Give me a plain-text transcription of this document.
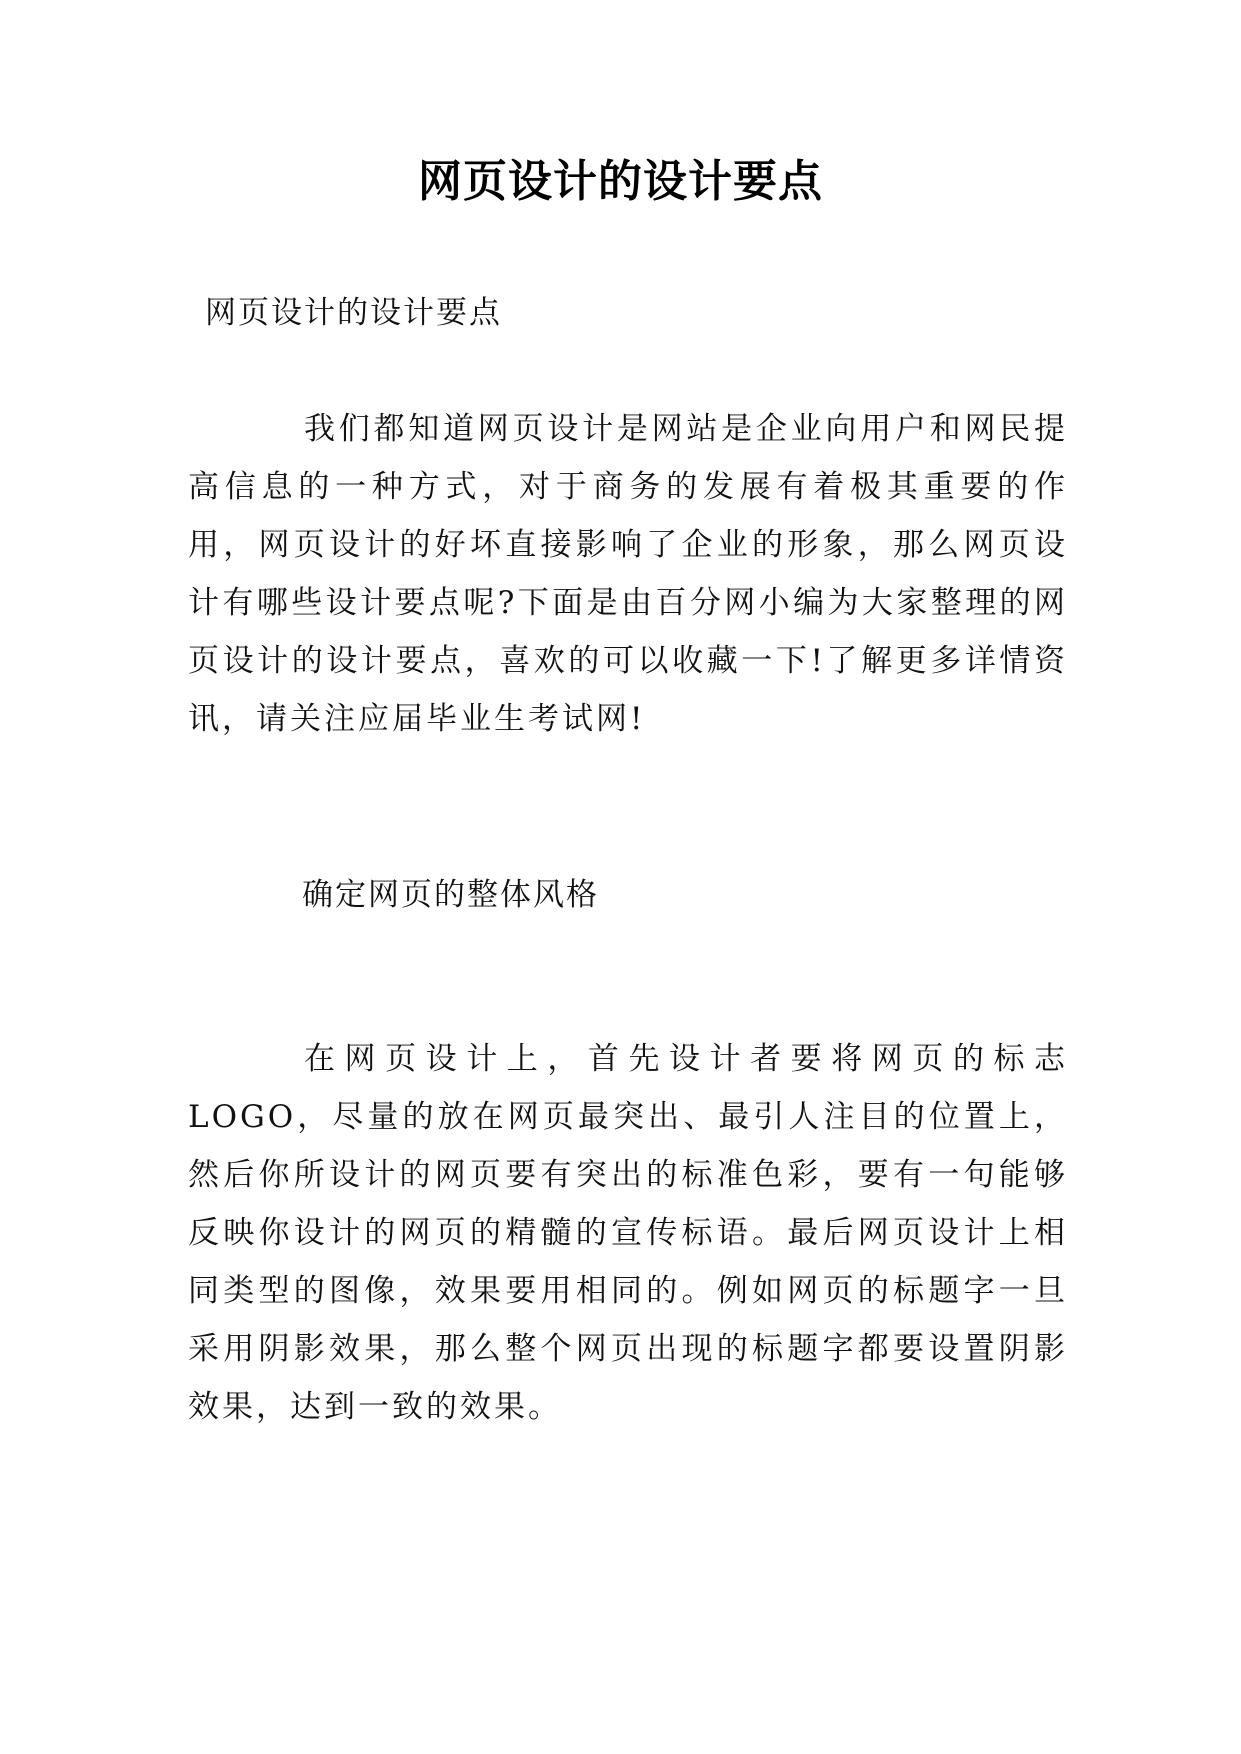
网页设计的设计要点
网页设计的设计要点

我们都知道网页设计是网站是企业向用户和网民提高信息的一种方式，对于商务的发展有着极其重要的作用，网页设计的好坏直接影响了企业的形象，那么网页设计有哪些设计要点呢?下面是由百分网小编为大家整理的网页设计的设计要点，喜欢的可以收藏一下!了解更多详情资讯，请关注应届毕业生考试网!

确定网页的整体风格

在网页设计上，首先设计者要将网页的标志LOGO，尽量的放在网页最突出、最引人注目的位置上，然后你所设计的网页要有突出的标准色彩，要有一句能够反映你设计的网页的精髓的宣传标语。最后网页设计上相同类型的图像，效果要用相同的。例如网页的标题字一旦采用阴影效果，那么整个网页出现的标题字都要设置阴影效果，达到一致的效果。
